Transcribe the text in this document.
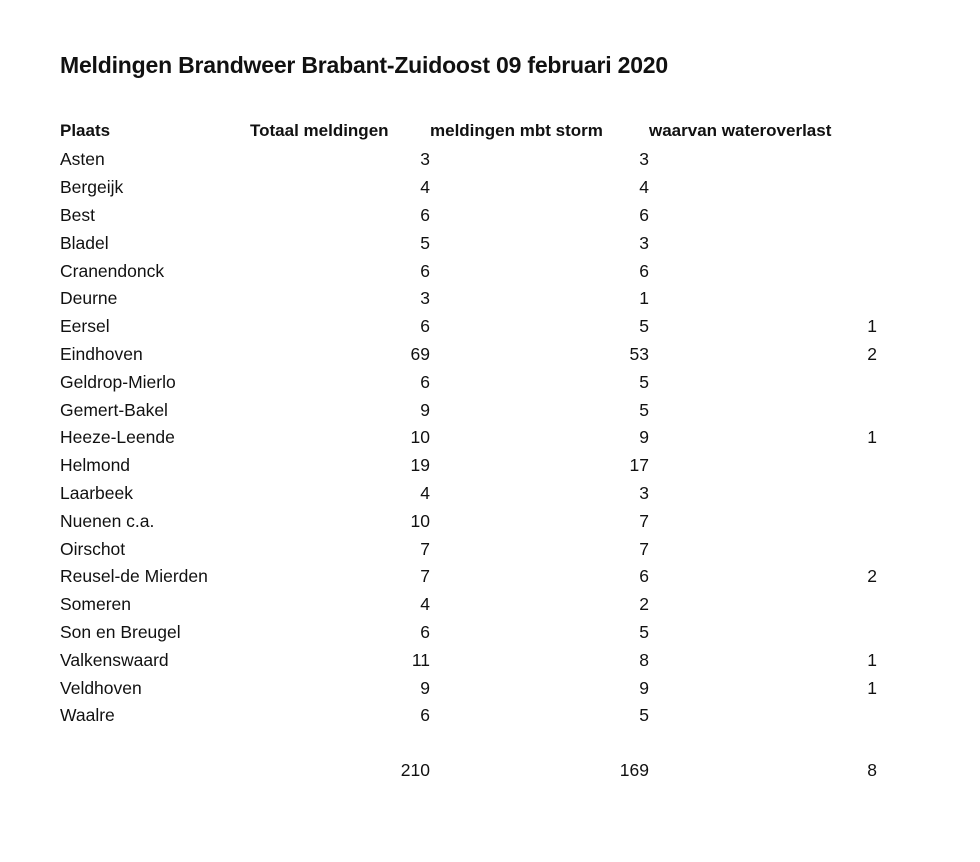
Meldingen Brandweer Brabant-Zuidoost 09 februari 2020
Plaats	Totaal meldingen	meldingen mbt storm	waarvan wateroverlast
Asten	3	3	
Bergeijk	4	4	
Best	6	6	
Bladel	5	3	
Cranendonck	6	6	
Deurne	3	1	
Eersel	6	5	1
Eindhoven	69	53	2
Geldrop-Mierlo	6	5	
Gemert-Bakel	9	5	
Heeze-Leende	10	9	1
Helmond	19	17	
Laarbeek	4	3	
Nuenen c.a.	10	7	
Oirschot	7	7	
Reusel-de Mierden	7	6	2
Someren	4	2	
Son en Breugel	6	5	
Valkenswaard	11	8	1
Veldhoven	9	9	1
Waalre	6	5	

	210	169	8
